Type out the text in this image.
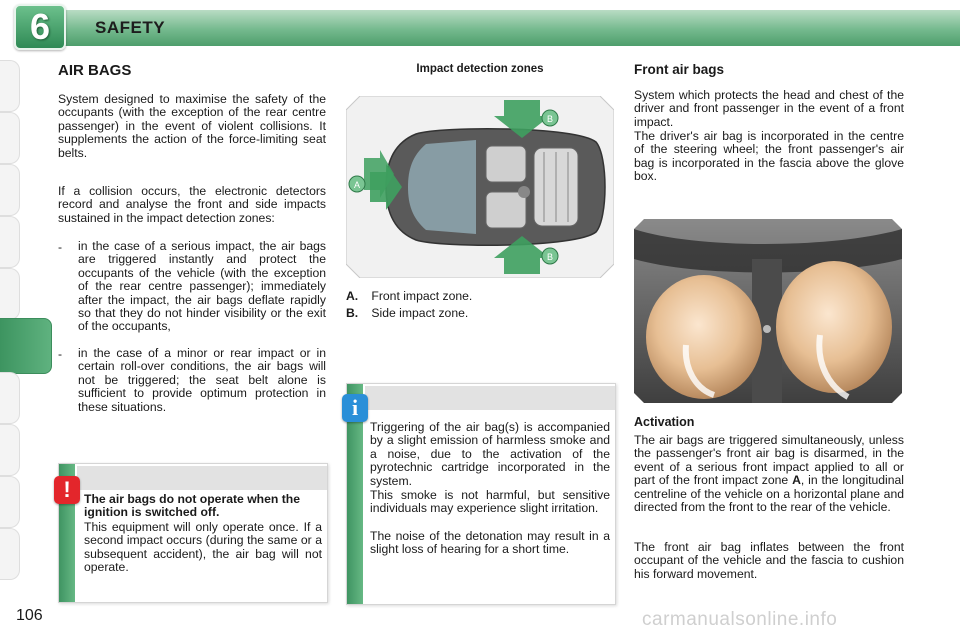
6	SAFETY
AIR BAGS
System designed to maximise the safety of the occupants (with the exception of the rear centre passenger) in the event of violent collisions. It supplements the action of the force-limiting seat belts.
If a collision occurs, the electronic detectors record and analyse the front and side impacts sustained in the impact detection zones:
- in the case of a serious impact, the air bags are triggered instantly and protect the occupants of the vehicle (with the exception of the rear centre passenger); immediately after the impact, the air bags deflate rapidly so that they do not hinder visibility or the exit of the occupants,
- in the case of a minor or rear impact or in certain roll-over conditions, the air bags will not be triggered; the seat belt alone is sufficient to provide optimum protection in these situations.
!	The air bags do not operate when the ignition is switched off.
This equipment will only operate once. If a second impact occurs (during the same or a subsequent accident), the air bag will not operate.
Impact detection zones
A
B
B
A. Front impact zone.
B. Side impact zone.
i
Triggering of the air bag(s) is accompanied by a slight emission of harmless smoke and a noise, due to the activation of the pyrotechnic cartridge incorporated in the system.
This smoke is not harmful, but sensitive individuals may experience slight irritation.
The noise of the detonation may result in a slight loss of hearing for a short time.
Front air bags
System which protects the head and chest of the driver and front passenger in the event of a front impact.
The driver's air bag is incorporated in the centre of the steering wheel; the front passenger's air bag is incorporated in the fascia above the glove box.
Activation
The air bags are triggered simultaneously, unless the passenger's front air bag is disarmed, in the event of a serious front impact applied to all or part of the front impact zone A, in the longitudinal centreline of the vehicle on a horizontal plane and directed from the front to the rear of the vehicle.
The front air bag inflates between the front occupant of the vehicle and the fascia to cushion his forward movement.
106	carmanualsonline.info
